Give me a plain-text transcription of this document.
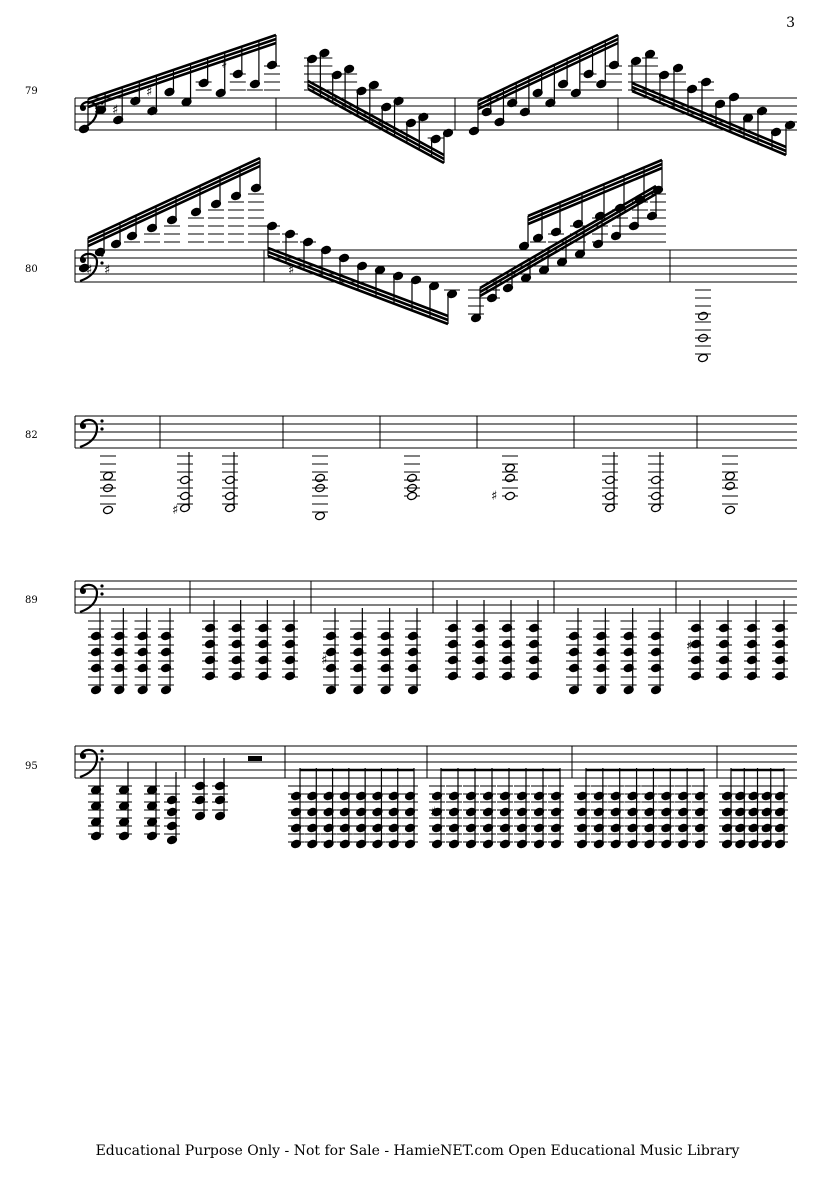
3
79
80
82
89
95
♯ ♯
♯
♯
♯ ♯	♯
♯
♯
♯
♯
♯
Educational Purpose Only - Not for Sale - HamieNET.com Open Educational Music Library
